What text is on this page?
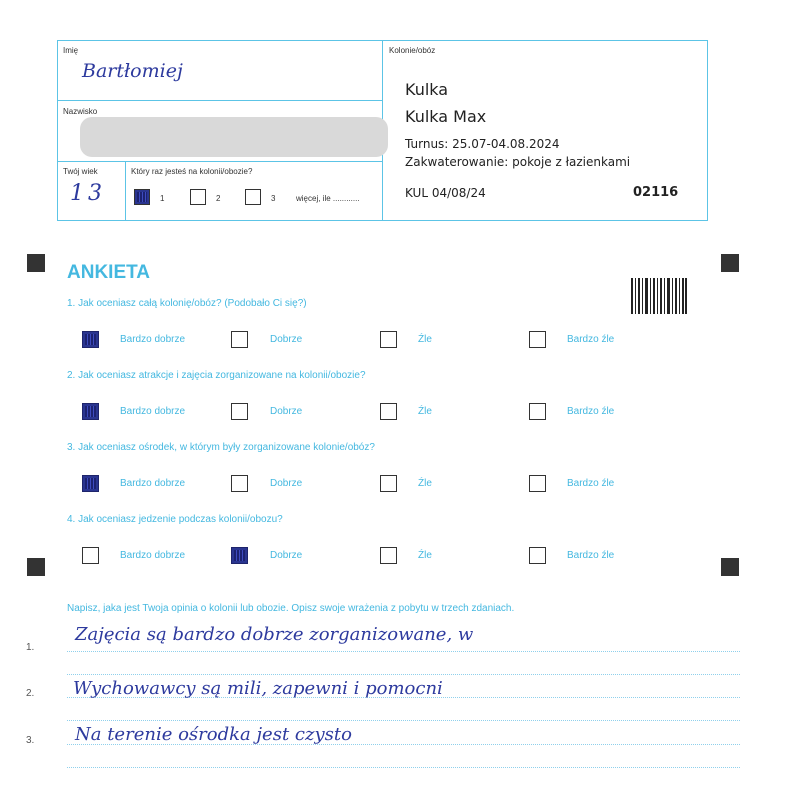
Imię
Bartłomiej
Nazwisko
Twój wiek
13
Który raz jesteś na kolonii/obozie?
1	2	3	więcej, ile ............
Kolonie/obóz
Kulka
Kulka Max
Turnus: 25.07-04.08.2024
Zakwaterowanie: pokoje z łazienkami
KUL 04/08/24	02116
ANKIETA
1. Jak oceniasz całą kolonię/obóz? (Podobało Ci się?)
2. Jak oceniasz atrakcje i zajęcia zorganizowane na kolonii/obozie?
3. Jak oceniasz ośrodek, w którym były zorganizowane kolonie/obóz?
4. Jak oceniasz jedzenie podczas kolonii/obozu?
Bardzo dobrze	Dobrze	Źle	Bardzo źle
Bardzo dobrze	Dobrze	Źle	Bardzo źle
Bardzo dobrze	Dobrze	Źle	Bardzo źle
Bardzo dobrze	Dobrze	Źle	Bardzo źle
Napisz, jaka jest Twoja opinia o kolonii lub obozie. Opisz swoje wrażenia z pobytu w trzech zdaniach.
1.
2.
3.
Zajęcia są bardzo dobrze zorganizowane, w
Wychowawcy są mili, zapewni i pomocni
Na terenie ośrodka jest czysto
